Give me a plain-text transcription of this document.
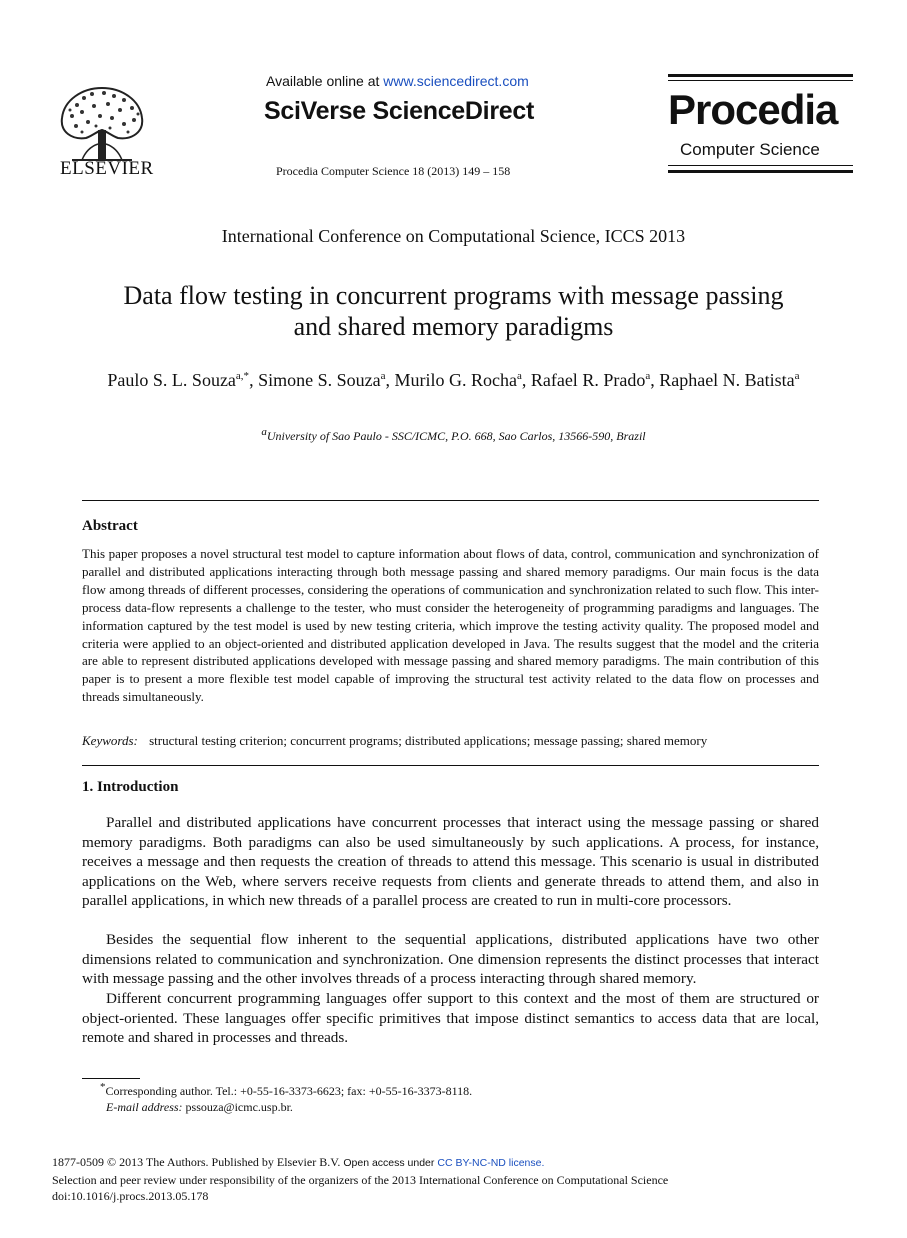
ELSEVIER
Available online at www.sciencedirect.com
SciVerse ScienceDirect
Procedia Computer Science 18 (2013) 149 – 158
Procedia
Computer Science
International Conference on Computational Science, ICCS 2013
Data flow testing in concurrent programs with message passing
and shared memory paradigms
Paulo S. L. Souza$^{a,*}$, Simone S. Souza$^a$, Murilo G. Rocha$^a$, Rafael R. Prado$^a$, Raphael N. Batista$^a$
$^a$University of Sao Paulo - SSC/ICMC, P.O. 668, Sao Carlos, 13566-590, Brazil
Abstract
This paper proposes a novel structural test model to capture information about flows of data, control, communication and synchronization of parallel and distributed applications interacting through both message passing and shared memory paradigms. Our main focus is the data flow among threads of different processes, considering the operations of communication and synchronization related to such flow. This inter-process data-flow represents a challenge to the tester, who must consider the heterogeneity of programming paradigms and languages. The information captured by the test model is used by new testing criteria, which improve the testing activity quality. The proposed model and criteria were applied to an object-oriented and distributed application developed in Java. The results suggest that the model and the criteria are able to represent distributed applications developed with message passing and shared memory paradigms. The main contribution of this paper is to present a more flexible test model capable of improving the structural test activity related to the data flow on processes and threads simultaneously.
Keywords: structural testing criterion; concurrent programs; distributed applications; message passing; shared memory
1. Introduction
Parallel and distributed applications have concurrent processes that interact using the message passing or shared memory paradigms. Both paradigms can also be used simultaneously by such applications. A process, for instance, receives a message and then requests the creation of threads to attend this message. This scenario is usual in distributed applications on the Web, where servers receive requests from clients and generate threads to attend them, and also in parallel applications, in which new threads of a parallel process are created to run in multi-core processors.
Besides the sequential flow inherent to the sequential applications, distributed applications have two other dimensions related to communication and synchronization. One dimension represents the distinct processes that interact with message passing and the other involves threads of a process interacting through shared memory.
Different concurrent programming languages offer support to this context and the most of them are structured or object-oriented. These languages offer specific primitives that impose distinct semantics to access data that are local, remote and shared in processes and threads.
*Corresponding author. Tel.: +0-55-16-3373-6623; fax: +0-55-16-3373-8118.
E-mail address: pssouza@icmc.usp.br.
1877-0509 © 2013 The Authors. Published by Elsevier B.V. Open access under CC BY-NC-ND license.
Selection and peer review under responsibility of the organizers of the 2013 International Conference on Computational Science
doi:10.1016/j.procs.2013.05.178
